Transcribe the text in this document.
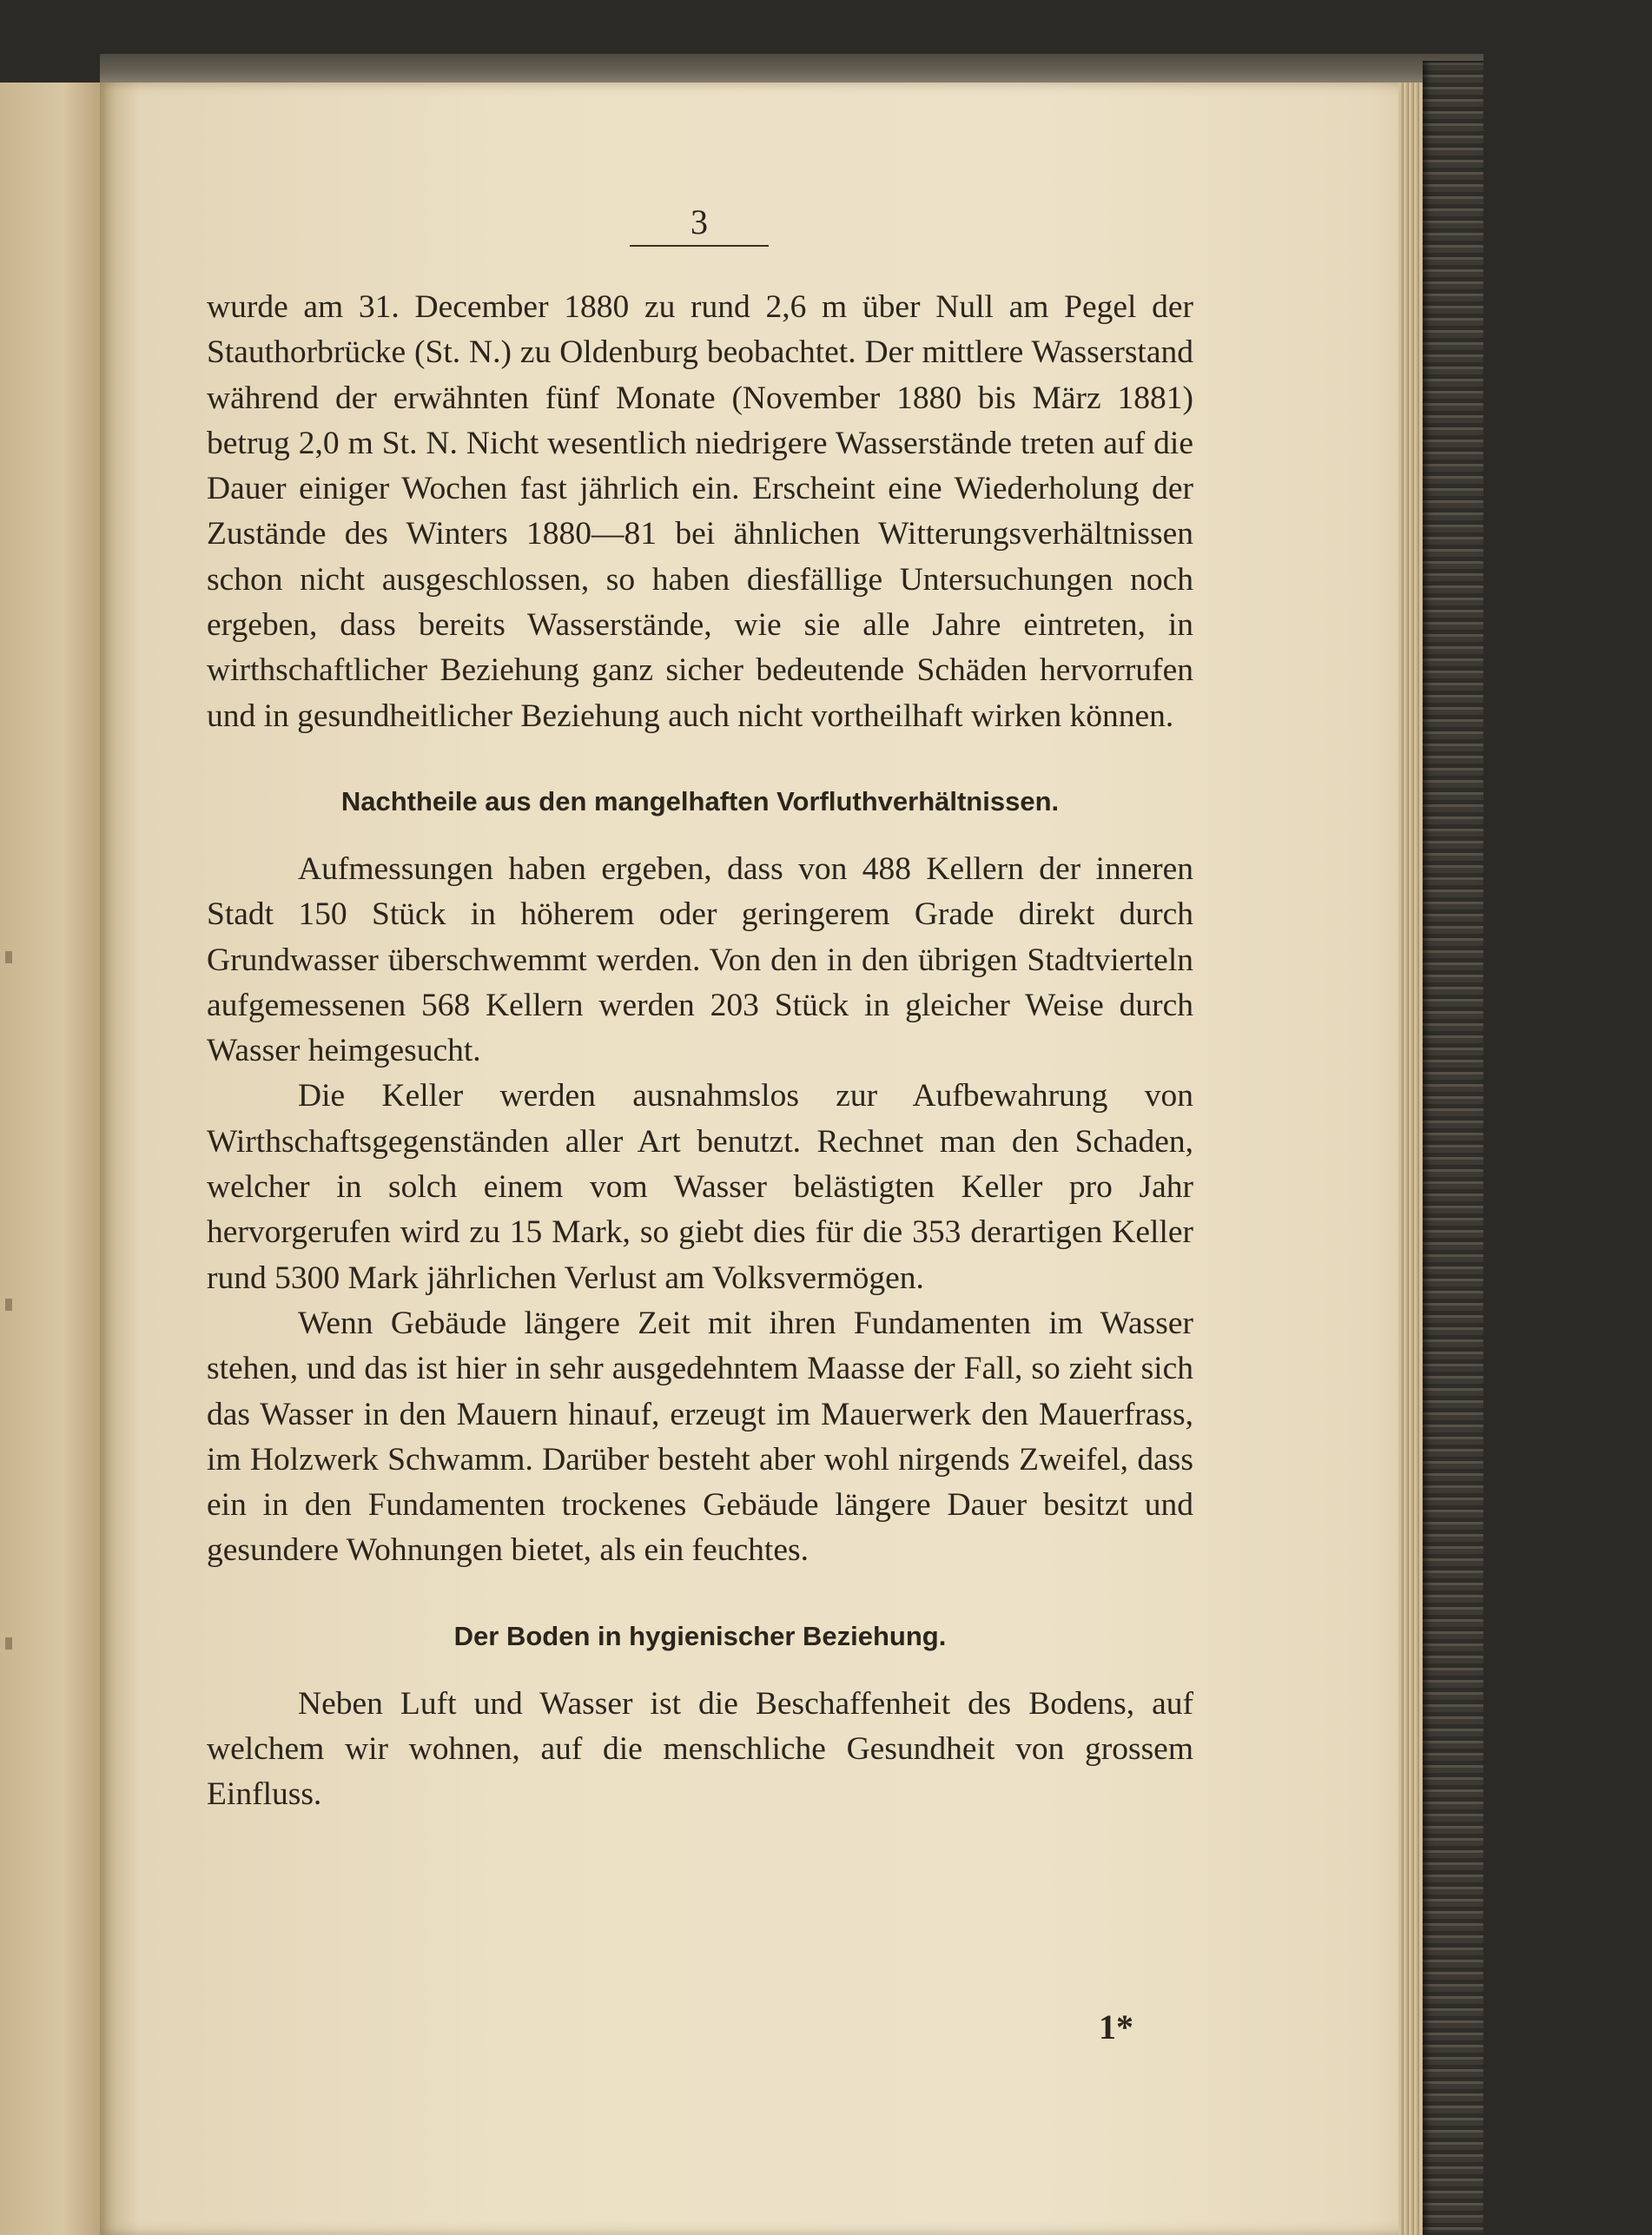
3

wurde am 31. December 1880 zu rund 2,6 m über Null am Pegel der Stauthorbrücke (St. N.) zu Oldenburg beobachtet. Der mittlere Wasserstand während der erwähnten fünf Monate (November 1880 bis März 1881) betrug 2,0 m St. N. Nicht wesentlich niedrigere Wasserstände treten auf die Dauer einiger Wochen fast jährlich ein. Erscheint eine Wiederholung der Zustände des Winters 1880—81 bei ähnlichen Witterungsverhältnissen schon nicht ausgeschlossen, so haben diesfällige Untersuchungen noch ergeben, dass bereits Wasserstände, wie sie alle Jahre eintreten, in wirthschaftlicher Beziehung ganz sicher bedeutende Schäden hervorrufen und in gesundheitlicher Beziehung auch nicht vortheilhaft wirken können.

Nachtheile aus den mangelhaften Vorfluthverhältnissen.

Aufmessungen haben ergeben, dass von 488 Kellern der inneren Stadt 150 Stück in höherem oder geringerem Grade direkt durch Grundwasser überschwemmt werden. Von den in den übrigen Stadtvierteln aufgemessenen 568 Kellern werden 203 Stück in gleicher Weise durch Wasser heimgesucht.

Die Keller werden ausnahmslos zur Aufbewahrung von Wirthschaftsgegenständen aller Art benutzt. Rechnet man den Schaden, welcher in solch einem vom Wasser belästigten Keller pro Jahr hervorgerufen wird zu 15 Mark, so giebt dies für die 353 derartigen Keller rund 5300 Mark jährlichen Verlust am Volksvermögen.

Wenn Gebäude längere Zeit mit ihren Fundamenten im Wasser stehen, und das ist hier in sehr ausgedehntem Maasse der Fall, so zieht sich das Wasser in den Mauern hinauf, erzeugt im Mauerwerk den Mauerfrass, im Holzwerk Schwamm. Darüber besteht aber wohl nirgends Zweifel, dass ein in den Fundamenten trockenes Gebäude längere Dauer besitzt und gesundere Wohnungen bietet, als ein feuchtes.

Der Boden in hygienischer Beziehung.

Neben Luft und Wasser ist die Beschaffenheit des Bodens, auf welchem wir wohnen, auf die menschliche Gesundheit von grossem Einfluss.

1*
